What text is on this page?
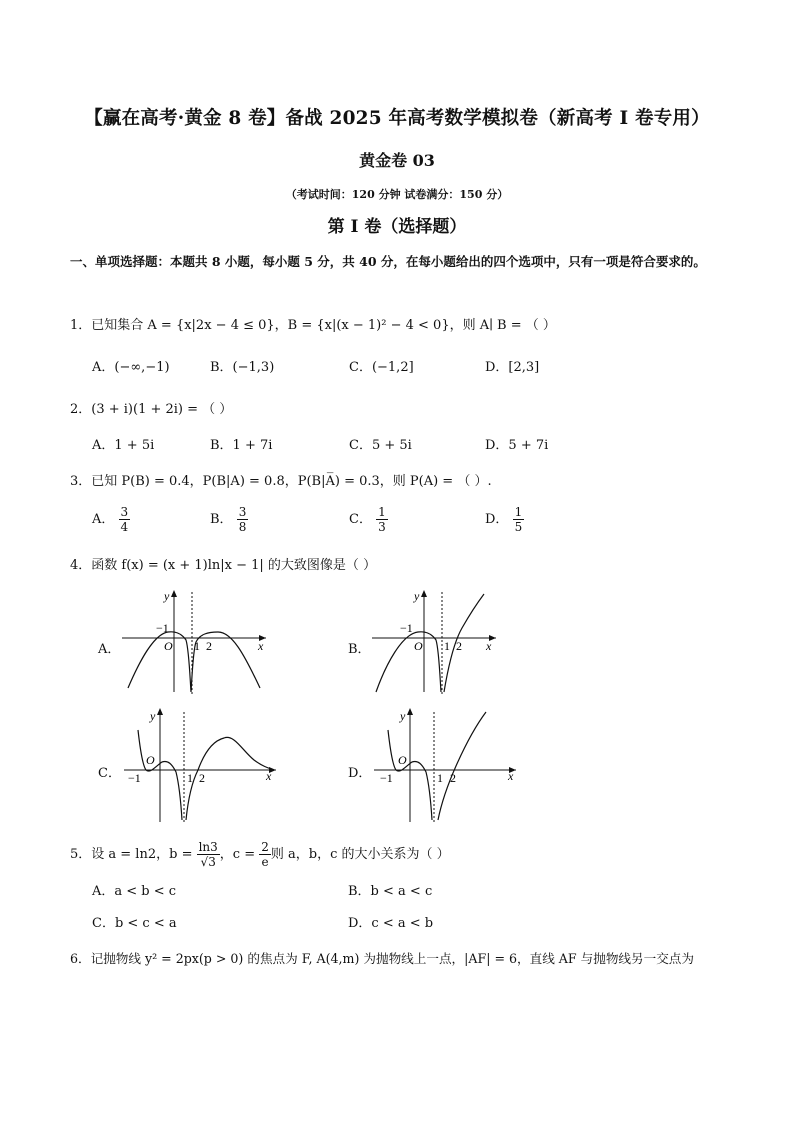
【赢在高考·黄金 8 卷】备战 2025 年高考数学模拟卷（新高考 I 卷专用）
黄金卷 03
（考试时间：120 分钟 试卷满分：150 分）
第 I 卷（选择题）
一、单项选择题：本题共 8 小题，每小题 5 分，共 40 分，在每小题给出的四个选项中，只有一项是符合要求的。
1．已知集合 A = {x|2x − 4 ≤ 0}，B = {x|(x − 1)² − 4 < 0}，则 A∣ B = （ ）
A．(−∞,−1)	B．(−1,3)	C．(−1,2]	D．[2,3]
2．(3 + i)(1 + 2i) = （ ）
A．1 + 5i	B．1 + 7i	C．5 + 5i	D．5 + 7i
3．已知 P(B) = 0.4，P(B|A) = 0.8，P(B|A̅) = 0.3，则 P(A) = （ ）.
A． $\frac{3}{4}$	B． $\frac{3}{8}$	C． $\frac{1}{3}$	D． $\frac{1}{5}$
4．函数 f(x) = (x + 1)ln|x − 1| 的大致图像是（ ）
A．	B．
C．	D．
−1
O 1 2	x
y
−1
O 1 2 x
y
−1
O
1 2	x
y
−1
O
1 2	x
y
5．设 a = ln2，$b = \frac{\ln 3}{√3}$ ，$c = \frac{2}{e}$ 则 a，b，c 的大小关系为（ ）
A．a < b < c	B．b < a < c
C．b < c < a	D．c < a < b
6．记抛物线 y² = 2px(p > 0) 的焦点为 F, A(4,m) 为抛物线上一点，|AF| = 6，直线 AF 与抛物线另一交点为
